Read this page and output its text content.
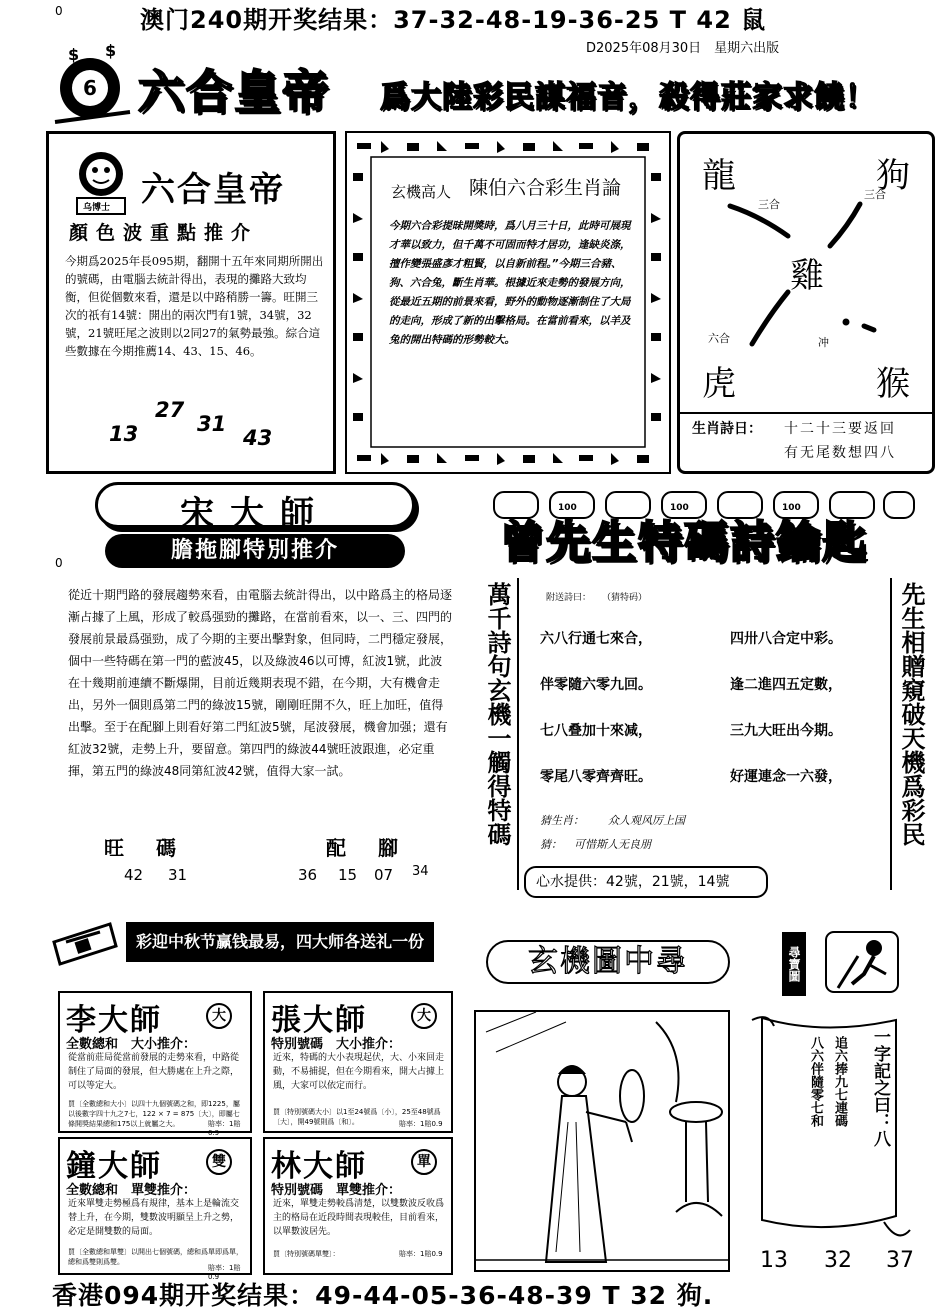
0	澳门240期开奖结果：37-32-48-19-36-25 T 42 鼠
D2025年08月30日　星期六出版
6
$ $
六合皇帝 爲大陸彩民謀福音，殺得莊家求饒！
乌博士 六合皇帝
顏色波重點推介
今期爲2025年長095期，翻開十五年來同期所開出的號碼，由電腦去統計得出，表現的攤路大致均衡，但從個數來看，還是以中路稍勝一籌。旺開三次的祇有14號：開出的兩次門有1號，34號，32號，21號旺尾之波則以2同27的氣勢最強。綜合這些數據在今期推薦14、43、15、46。
13
27
31
43
玄機高人 陳伯六合彩生肖論
今期六合彩提昧開獎時，爲八月三十日，此時可展現才華以致力，但千萬不可固而特才居功，逢缺炎涤，擅作變張盛彥才粗賢，以自新前程。”今期三合豬、狗、六合兔，斷生肖華。根據近來走勢的發展方向，從最近五期的前景來看，野外的動物逐漸制住了大局的走向，形成了新的出擊格局。在當前看來，以羊及兔的開出特碼的形勢較大。
龍	狗
雞
虎	猴
三合
三合
六合	冲
生肖詩日： 十二十三要返回
有无尾数想四八
宋大師
膽拖腳特別推介
0
從近十期門路的發展趨勢來看，由電腦去統計得出，以中路爲主的格局逐漸占據了上風，形成了較爲强勁的攤路，在當前看來，以一、三、四門的發展前景最爲强勁，成了今期的主要出擊對象，但同時，二門穩定發展，個中一些特碼在第一門的藍波45，以及綠波46以可博，紅波1號，此波在十幾期前連續不斷爆開，目前近幾期表現不錯，在今期，大有機會走出，另外一個則爲第二門的綠波15號，剛剛旺開不久，旺上加旺，值得出擊。至于在配腳上則看好第二門紅波5號，尾波發展，機會加强；還有紅波32號，走勢上升，要留意。第四門的綠波44號旺波跟進，必定重揮，第五門的綠波48同第紅波42號，值得大家一試。
旺　碼	配　腳
42 31	36 15 07 34
100	100	100
曾先生特碼詩鑰匙
萬千詩句玄機一觸得特碼	先生相贈窺破天機爲彩民
附送詩曰： （猜特码）
六八行通七來合，	四卅八合定中彩。
伴零隨六零九回。	逢二進四五定數，
七八叠加十來减，	三九大旺出今期。
零尾八零齊齊旺。	好運連念一六發，
猜生肖： 众人观风厉上国
猜： 可惜斯人无良朋
心水提供：42號，21號，14號
彩迎中秋节赢钱最易，四大师各送礼一份
李大師	大
全數總和　大小推介：
從當前莊局從當前發展的走勢來看，中路從制住了局面的發展，但大勝處在上升之際，可以等定大。
買〔全數總和大小〕以四十九個號碼之和，即1225，屬以後數字四十九之7七，122 × 7 = 875〔大〕，即屬七條開獎結果總和175以上就屬之大。	賠率：1賠0.9
張大師	大
特別號碼　大小推介：
近來，特碼的大小表現起伏，大、小來回走動，不易捕捉，但在今期看來，開大占據上風，大家可以依定而行。
買〔特別號碼大小〕以1至24號爲〔小〕，25至48號爲〔大〕，開49號則爲〔和〕。	賠率：1賠0.9
鐘大師	雙
全數總和　單雙推介：
近來單雙走勢極爲有規律，基本上是輪流交替上升，在今期，雙數波明顯呈上升之勢，必定是開雙數的局面。
買〔全數總和單雙〕以開出七個號碼，總和爲單即爲單，總和爲雙則爲雙。
賠率：1賠0.9
林大師	單
特別號碼　單雙推介：
近來，單雙走勢較爲清楚，以雙數波反收爲主的格局在近段時間表現較佳，目前看來，以單數波居先。
買〔特別號碼單雙〕：	賠率：1賠0.9
玄機圖中尋	尋寶圖
一字記之曰：八
追六捧九七連碼
八六伴隨零七和
13 32 37
香港094期开奖结果：49-44-05-36-48-39 T 32 狗.
